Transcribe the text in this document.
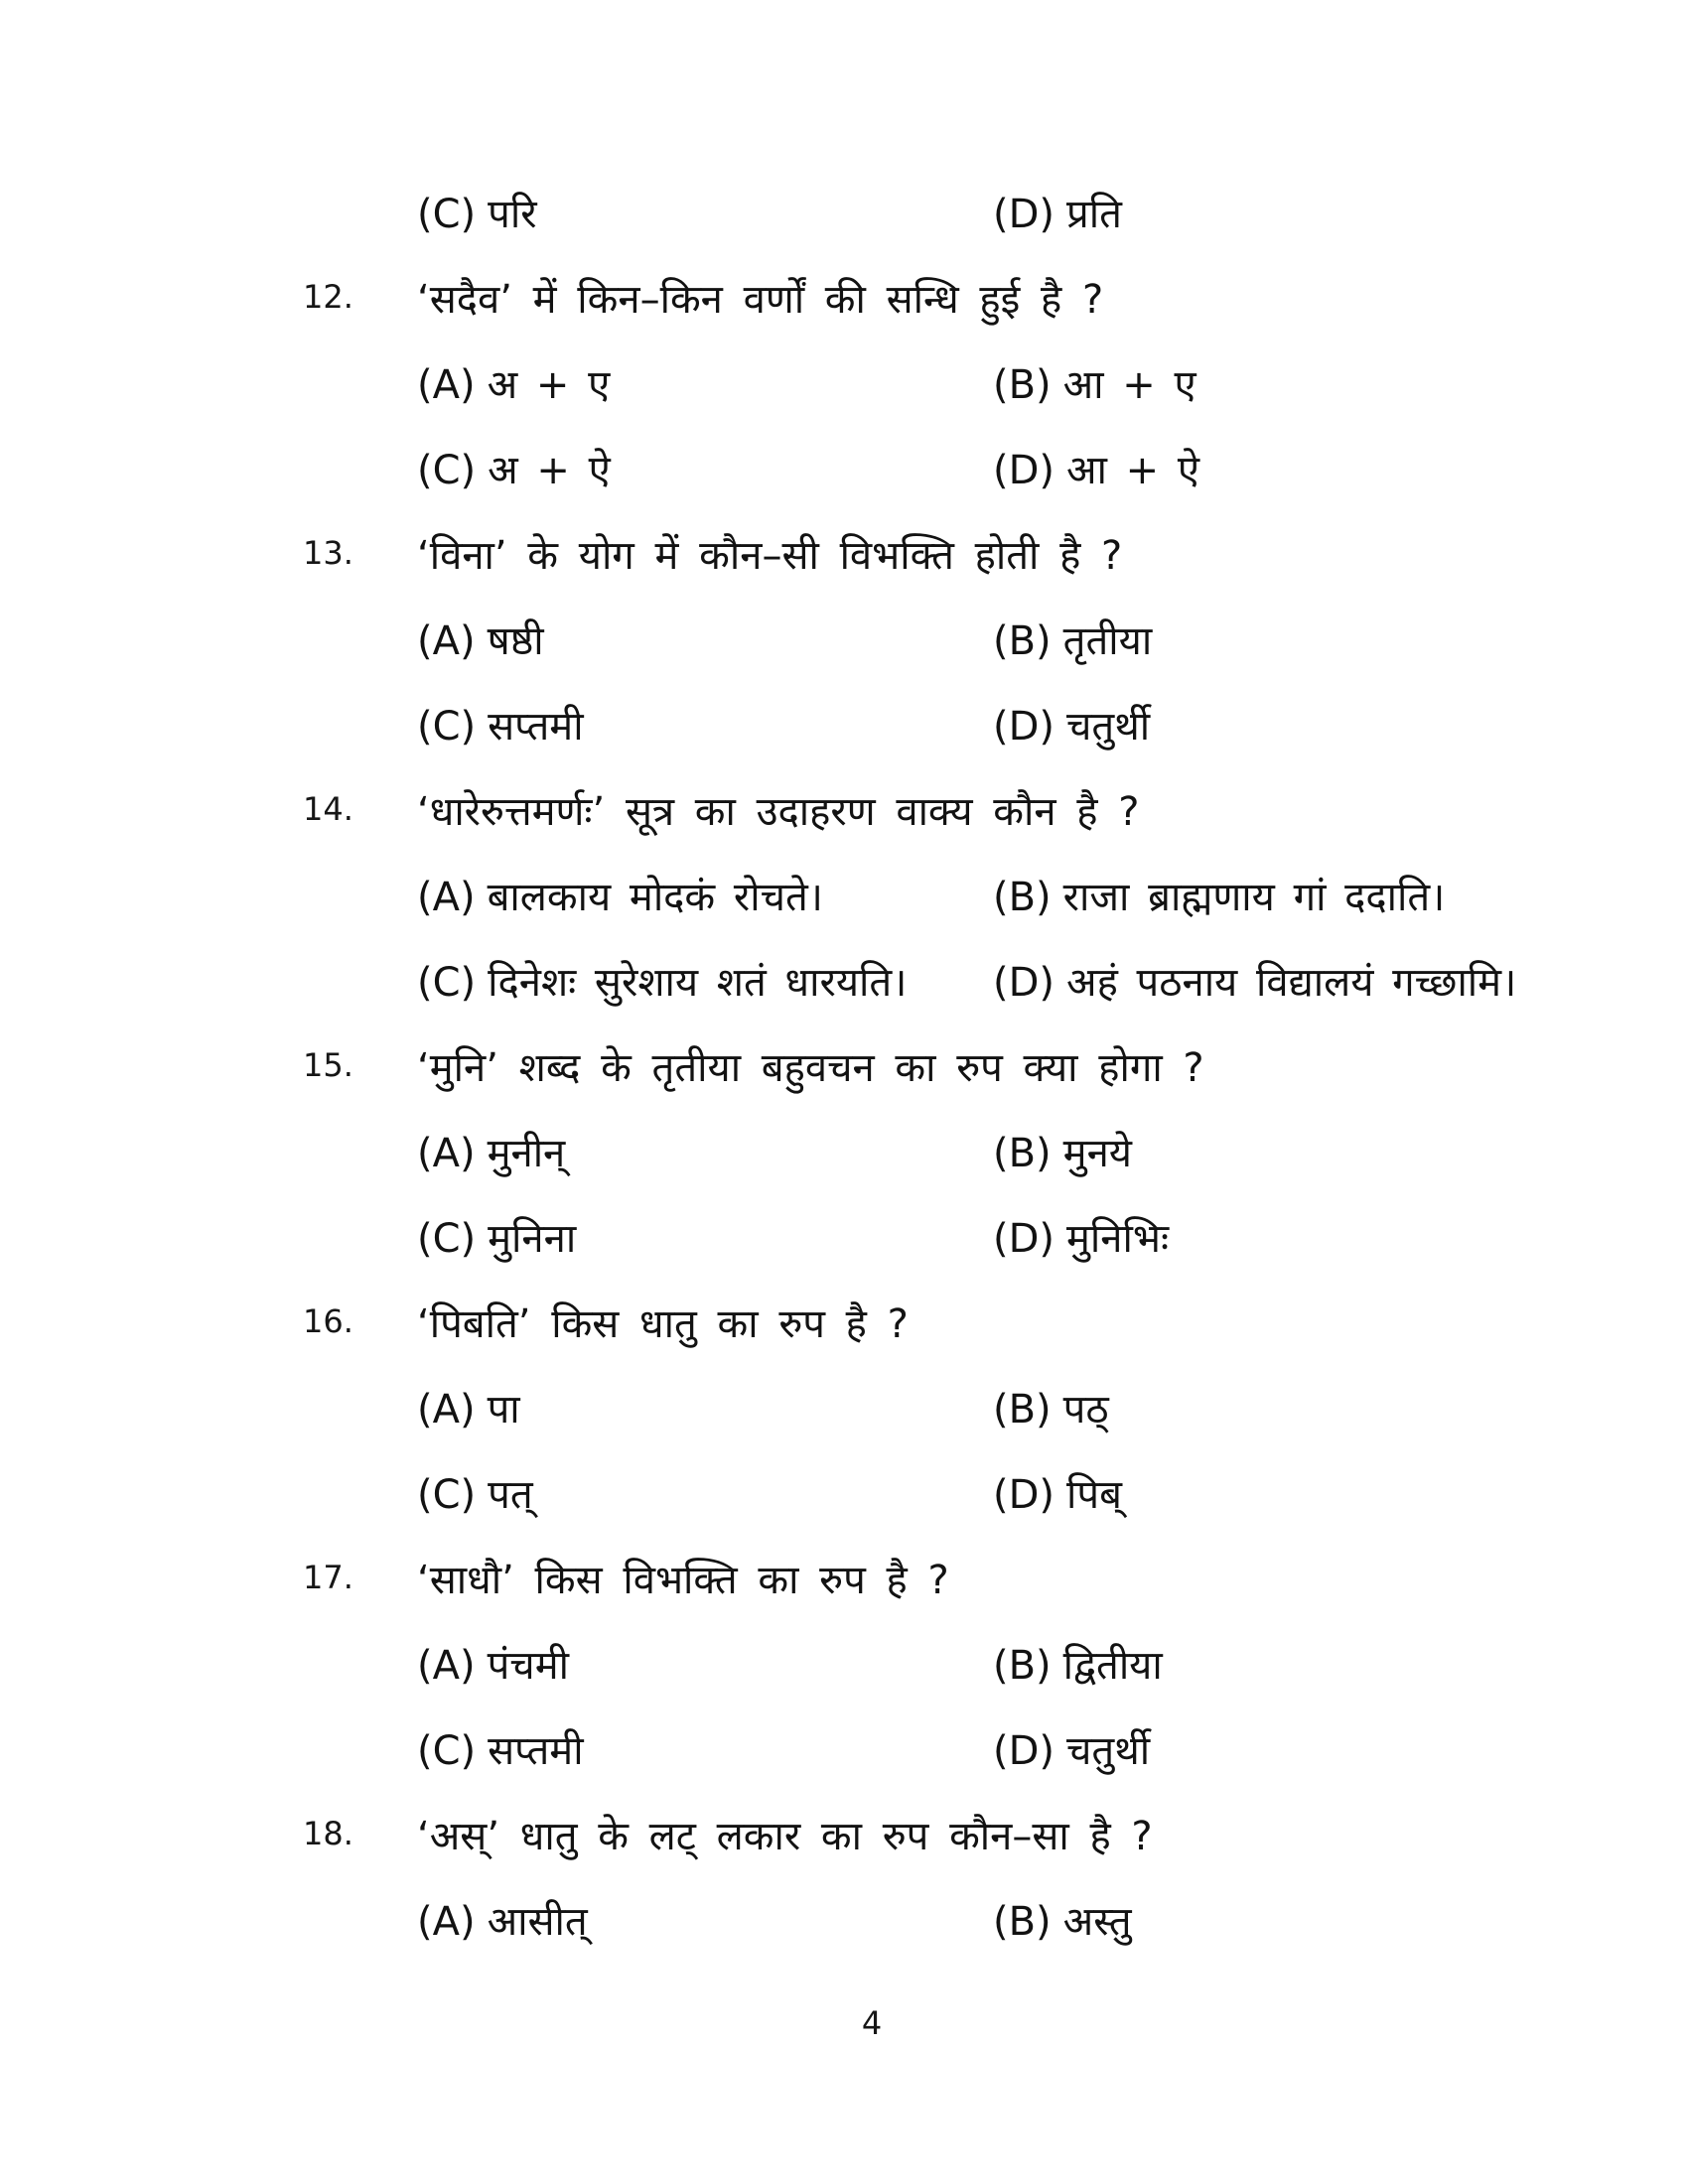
(C) परि	(D) प्रति
12.	‘सदैव’ में किन–किन वर्णों की सन्धि हुई है ?
(A) अ + ए	(B) आ + ए
(C) अ + ऐ	(D) आ + ऐ
13.	‘विना’ के योग में कौन–सी विभक्ति होती है ?
(A) षष्ठी	(B) तृतीया
(C) सप्तमी	(D) चतुर्थी
14.	‘धारेरुत्तमर्णः’ सूत्र का उदाहरण वाक्य कौन है ?
(A) बालकाय मोदकं रोचते।	(B) राजा ब्राह्मणाय गां ददाति।
(C) दिनेशः सुरेशाय शतं धारयति। (D) अहं पठनाय विद्यालयं गच्छामि।
15.	‘मुनि’ शब्द के तृतीया बहुवचन का रुप क्या होगा ?
(A) मुनीन्	(B) मुनये
(C) मुनिना	(D) मुनिभिः
16.	‘पिबति’ किस धातु का रुप है ?
(A) पा	(B) पठ्
(C) पत्	(D) पिब्
17.	‘साधौ’ किस विभक्ति का रुप है ?
(A) पंचमी	(B) द्वितीया
(C) सप्तमी	(D) चतुर्थी
18.	‘अस्’ धातु के लट् लकार का रुप कौन–सा है ?
(A) आसीत्	(B) अस्तु
4
